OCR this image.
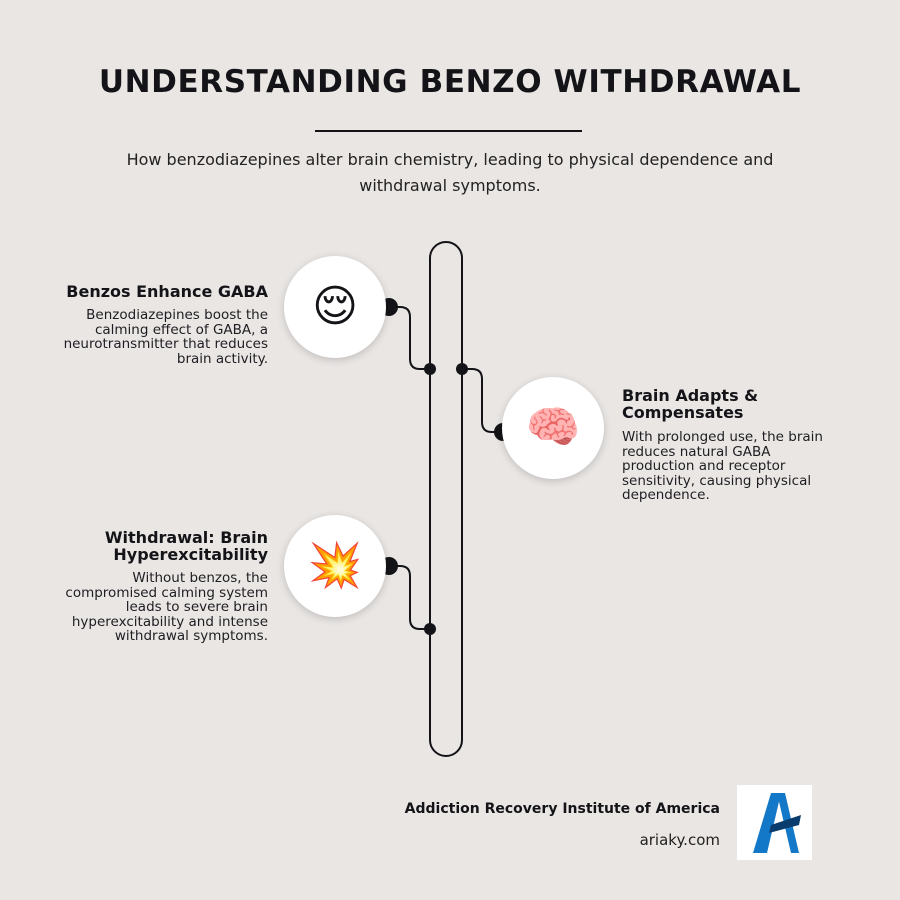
UNDERSTANDING BENZO WITHDRAWAL
How benzodiazepines alter brain chemistry, leading to physical dependence and withdrawal symptoms.
😌
Benzos Enhance GABA
Benzodiazepines boost the calming effect of GABA, a neurotransmitter that reduces brain activity.
🧠
Brain Adapts & Compensates
With prolonged use, the brain reduces natural GABA production and receptor sensitivity, causing physical dependence.
💥
Withdrawal: Brain Hyperexcitability
Without benzos, the compromised calming system leads to severe brain hyperexcitability and intense withdrawal symptoms.
Addiction Recovery Institute of America
ariaky.com
